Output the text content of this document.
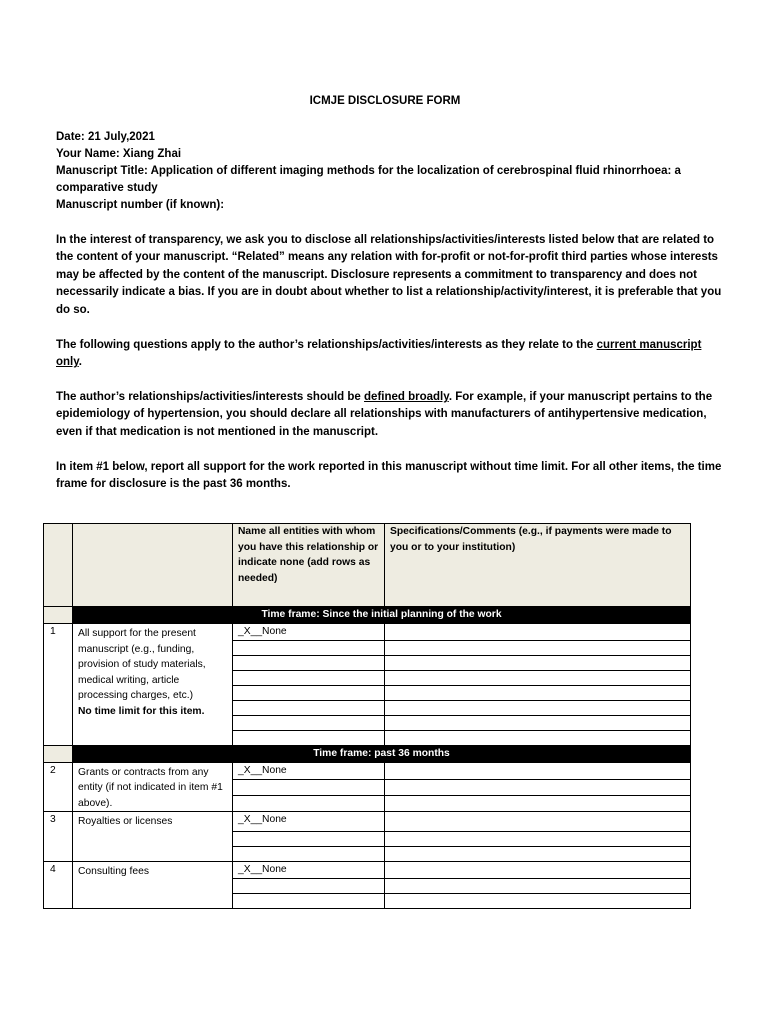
ICMJE DISCLOSURE FORM
Date: 21 July,2021
Your Name: Xiang Zhai
Manuscript Title: Application of different imaging methods for the localization of cerebrospinal fluid rhinorrhoea: a comparative study
Manuscript number (if known):
In the interest of transparency, we ask you to disclose all relationships/activities/interests listed below that are related to the content of your manuscript. “Related” means any relation with for-profit or not-for-profit third parties whose interests may be affected by the content of the manuscript. Disclosure represents a commitment to transparency and does not necessarily indicate a bias. If you are in doubt about whether to list a relationship/activity/interest, it is preferable that you do so.
The following questions apply to the author’s relationships/activities/interests as they relate to the current manuscript only.
The author’s relationships/activities/interests should be defined broadly. For example, if your manuscript pertains to the epidemiology of hypertension, you should declare all relationships with manufacturers of antihypertensive medication, even if that medication is not mentioned in the manuscript.
In item #1 below, report all support for the work reported in this manuscript without time limit. For all other items, the time frame for disclosure is the past 36 months.
		Name all entities with whom you have this relationship or indicate none (add rows as needed)	Specifications/Comments (e.g., if payments were made to you or to your institution)
	Time frame: Since the initial planning of the work		
1	All support for the present manuscript (e.g., funding, provision of study materials, medical writing, article processing charges, etc.)
No time limit for this item.	_X__None	

	Time frame: past 36 months		
2	Grants or contracts from any entity (if not indicated in item #1 above).	_X__None	

3	Royalties or licenses	_X__None	

4	Consulting fees	_X__None	
